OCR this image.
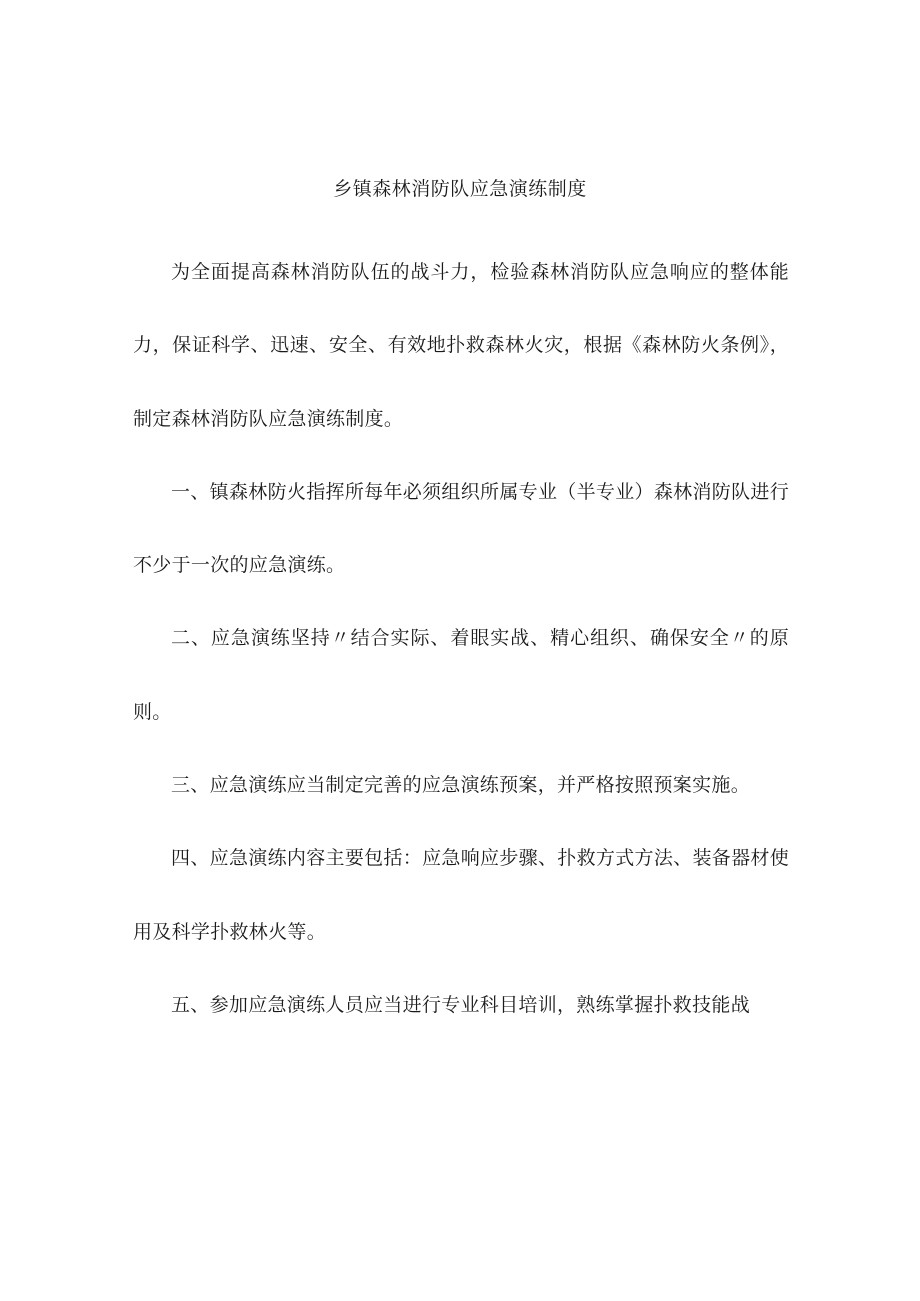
乡镇森林消防队应急演练制度

为全面提高森林消防队伍的战斗力，检验森林消防队应急响应的整体能力，保证科学、迅速、安全、有效地扑救森林火灾，根据《森林防火条例》，制定森林消防队应急演练制度。

一、镇森林防火指挥所每年必须组织所属专业（半专业）森林消防队进行不少于一次的应急演练。

二、应急演练坚持〃结合实际、着眼实战、精心组织、确保安全〃的原则。

三、应急演练应当制定完善的应急演练预案，并严格按照预案实施。

四、应急演练内容主要包括：应急响应步骤、扑救方式方法、装备器材使用及科学扑救林火等。

五、参加应急演练人员应当进行专业科目培训，熟练掌握扑救技能战
